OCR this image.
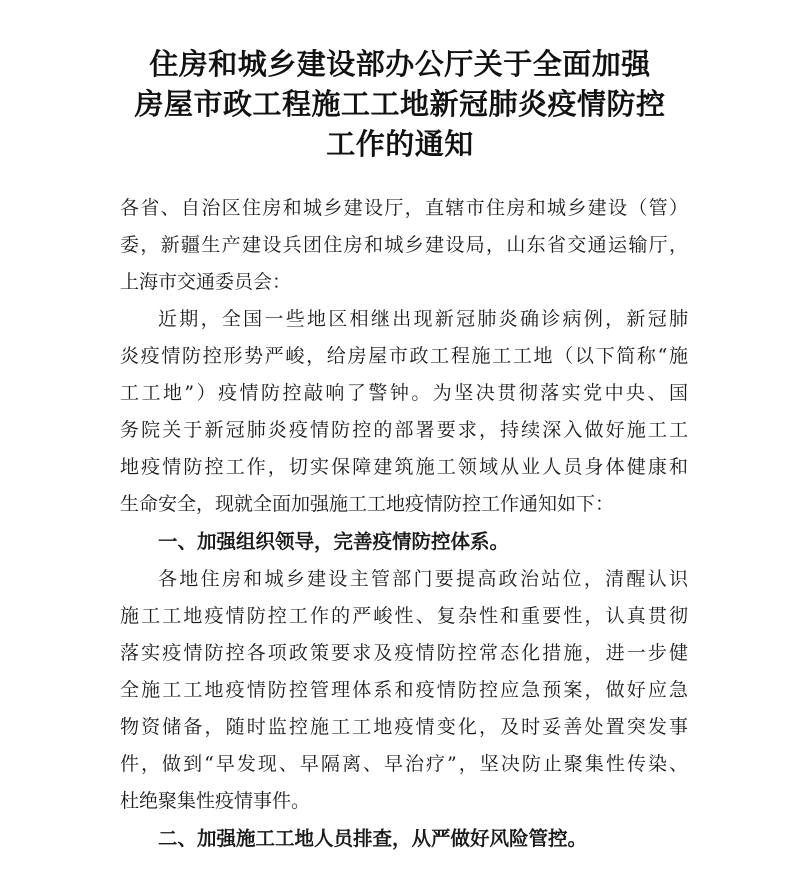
住房和城乡建设部办公厅关于全面加强
房屋市政工程施工工地新冠肺炎疫情防控
工作的通知
各省、自治区住房和城乡建设厅，直辖市住房和城乡建设（管）
委，新疆生产建设兵团住房和城乡建设局，山东省交通运输厅，
上海市交通委员会：
近期，全国一些地区相继出现新冠肺炎确诊病例，新冠肺
炎疫情防控形势严峻，给房屋市政工程施工工地（以下简称“施
工工地”）疫情防控敲响了警钟。为坚决贯彻落实党中央、国
务院关于新冠肺炎疫情防控的部署要求，持续深入做好施工工
地疫情防控工作，切实保障建筑施工领域从业人员身体健康和
生命安全，现就全面加强施工工地疫情防控工作通知如下：
一、加强组织领导，完善疫情防控体系。
各地住房和城乡建设主管部门要提高政治站位，清醒认识
施工工地疫情防控工作的严峻性、复杂性和重要性，认真贯彻
落实疫情防控各项政策要求及疫情防控常态化措施，进一步健
全施工工地疫情防控管理体系和疫情防控应急预案，做好应急
物资储备，随时监控施工工地疫情变化，及时妥善处置突发事
件，做到“早发现、早隔离、早治疗”，坚决防止聚集性传染、
杜绝聚集性疫情事件。
二、加强施工工地人员排查，从严做好风险管控。
